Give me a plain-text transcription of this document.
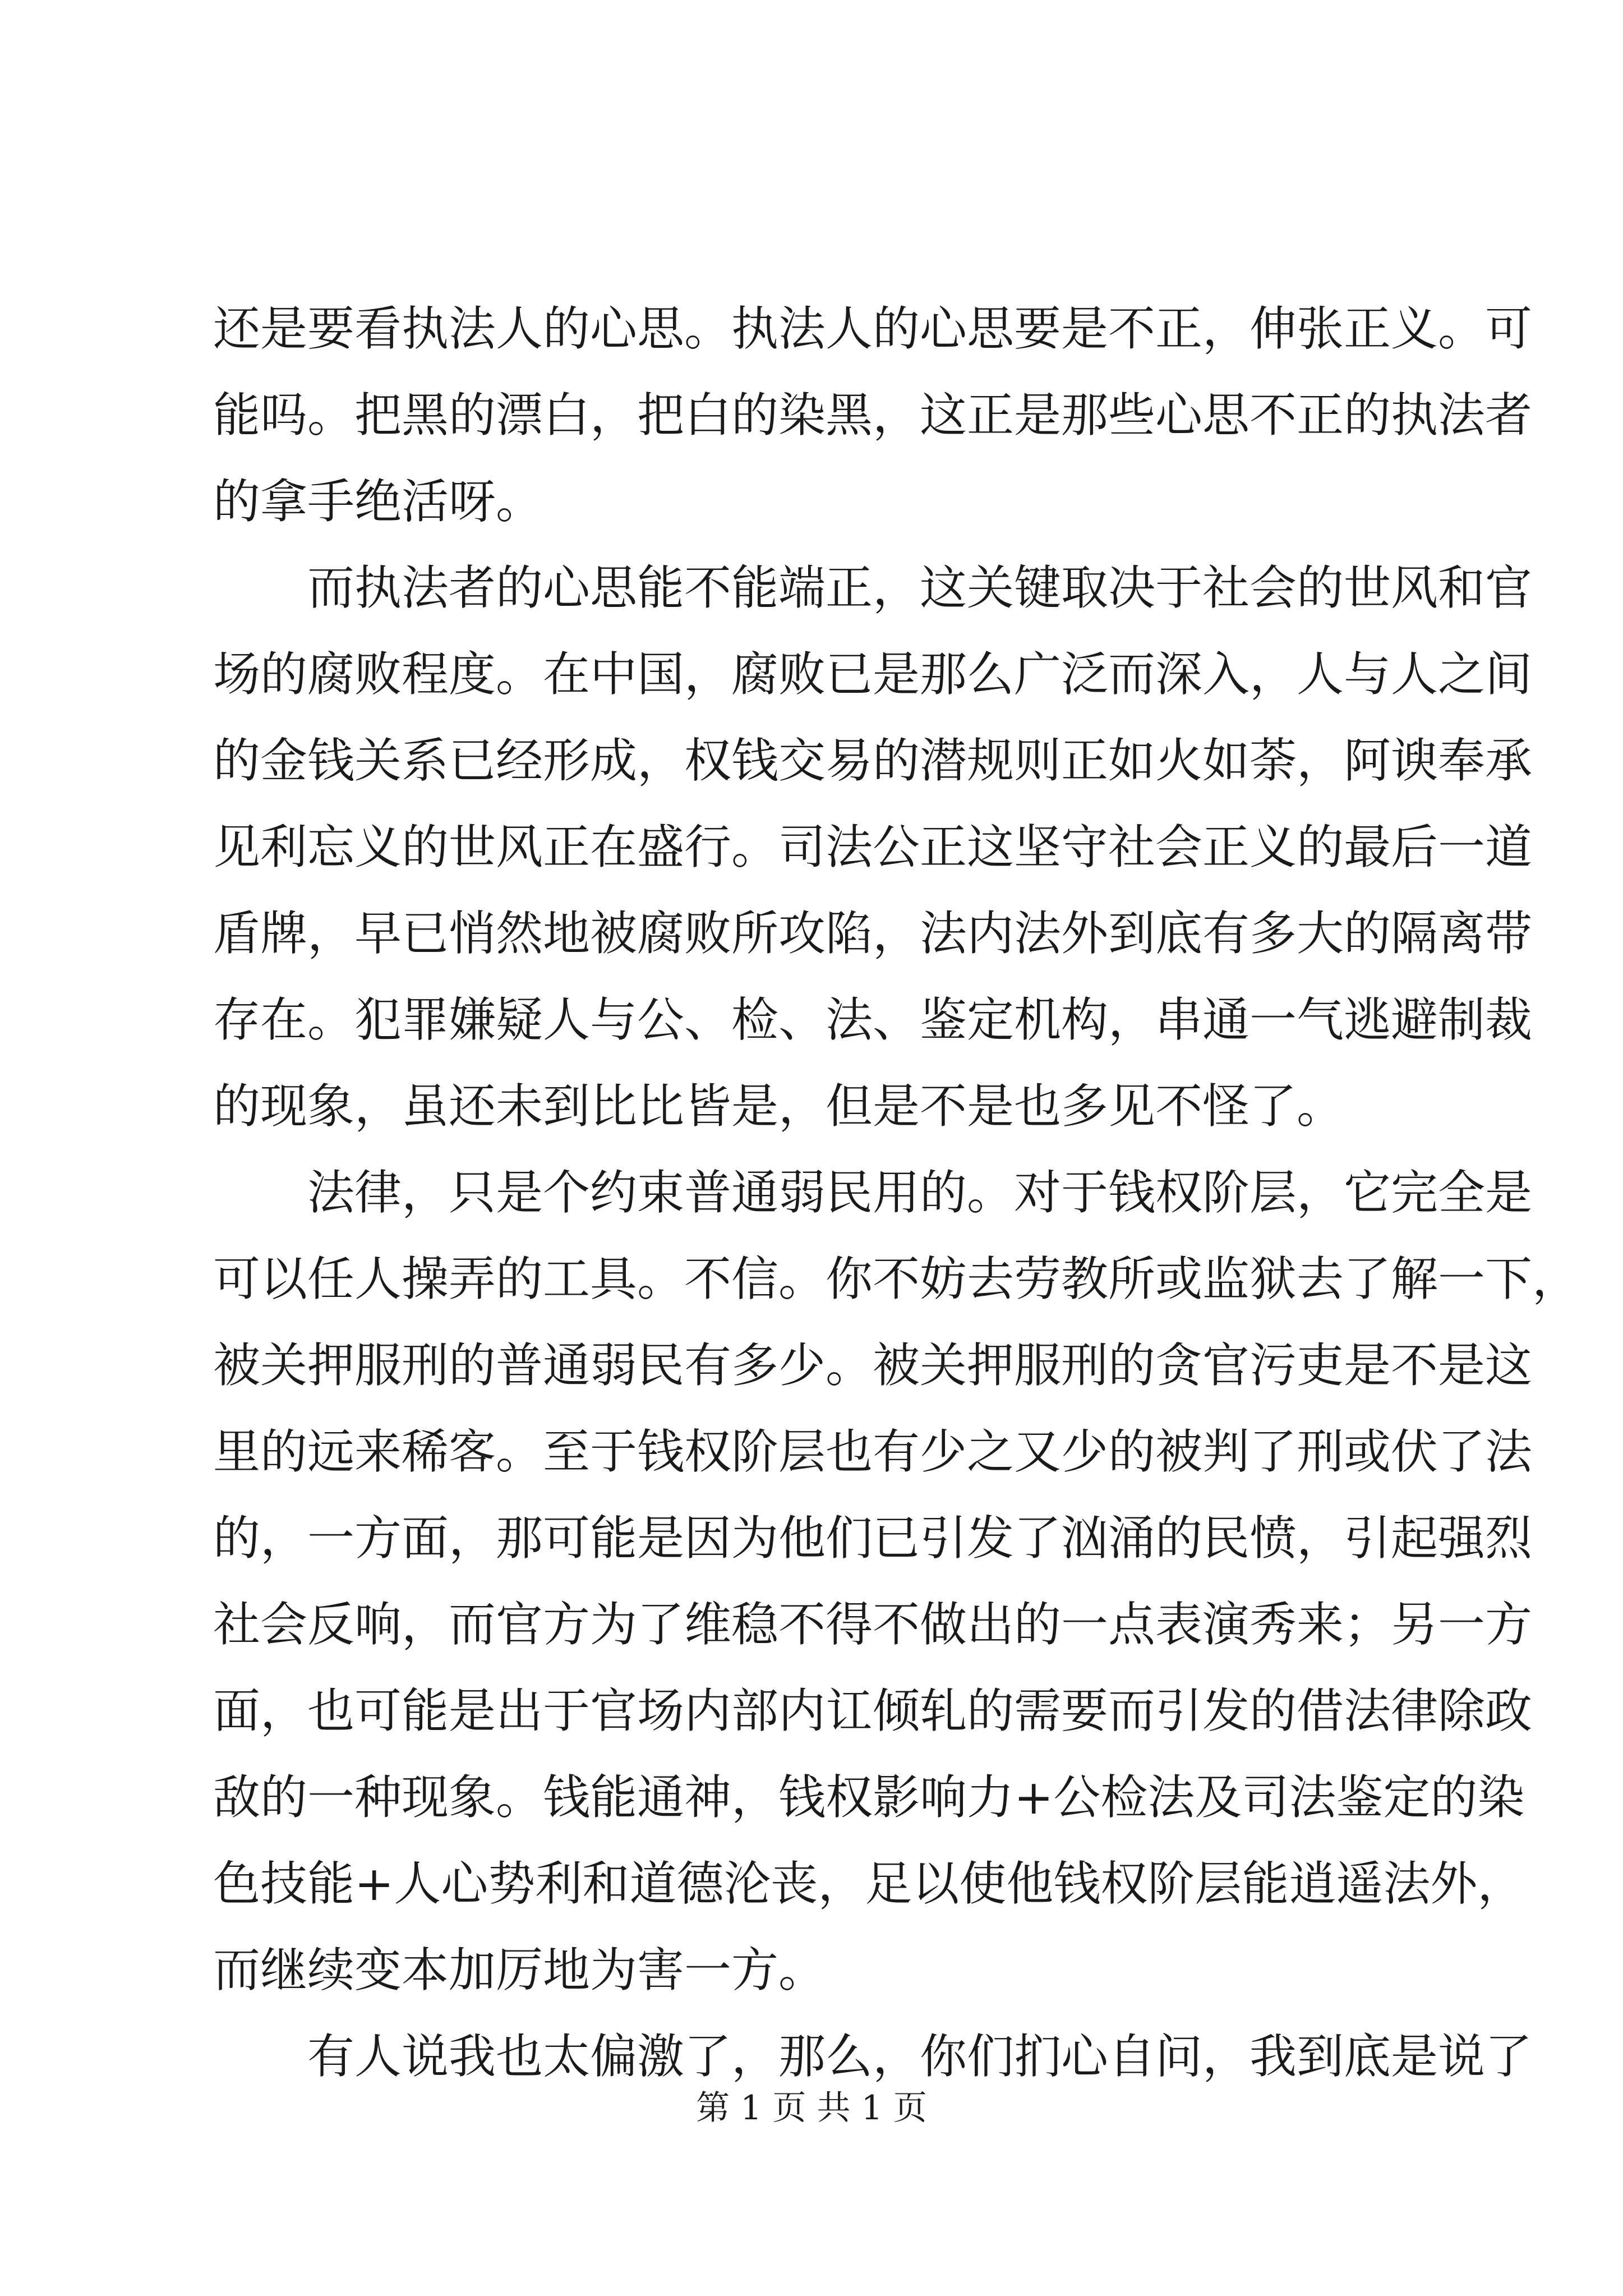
还是要看执法人的心思。执法人的心思要是不正，伸张正义。可
能吗。把黑的漂白，把白的染黑，这正是那些心思不正的执法者
的拿手绝活呀。
而执法者的心思能不能端正，这关键取决于社会的世风和官
场的腐败程度。在中国，腐败已是那么广泛而深入，人与人之间
的金钱关系已经形成，权钱交易的潜规则正如火如荼，阿谀奉承
见利忘义的世风正在盛行。司法公正这坚守社会正义的最后一道
盾牌，早已悄然地被腐败所攻陷，法内法外到底有多大的隔离带
存在。犯罪嫌疑人与公、检、法、鉴定机构，串通一气逃避制裁
的现象，虽还未到比比皆是，但是不是也多见不怪了。
法律，只是个约束普通弱民用的。对于钱权阶层，它完全是
可以任人操弄的工具。不信。你不妨去劳教所或监狱去了解一下，
被关押服刑的普通弱民有多少。被关押服刑的贪官污吏是不是这
里的远来稀客。至于钱权阶层也有少之又少的被判了刑或伏了法
的，一方面，那可能是因为他们已引发了汹涌的民愤，引起强烈
社会反响，而官方为了维稳不得不做出的一点表演秀来；另一方
面，也可能是出于官场内部内讧倾轧的需要而引发的借法律除政
敌的一种现象。钱能通神，钱权影响力+公检法及司法鉴定的染
色技能+人心势利和道德沦丧，足以使他钱权阶层能逍遥法外，
而继续变本加厉地为害一方。
有人说我也太偏激了，那么，你们扪心自问，我到底是说了
第 1 页 共 1 页
